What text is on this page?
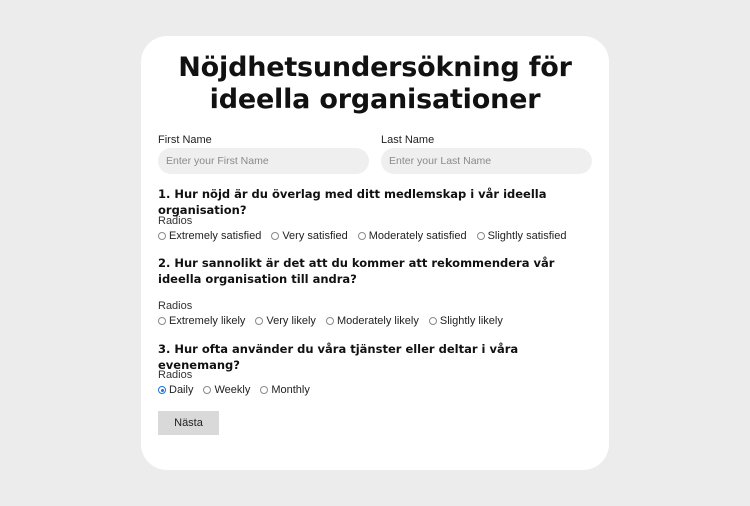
Nöjdhetsundersökning för
ideella organisationer
First Name
Enter your First Name	Last Name
Enter your Last Name
1. Hur nöjd är du överlag med ditt medlemskap i vår ideella organisation?
Radios
Extremely satisfied Very satisfied Moderately satisfied Slightly satisfied
2. Hur sannolikt är det att du kommer att rekommendera vår ideella organisation till andra?
Radios
Extremely likely Very likely Moderately likely Slightly likely
3. Hur ofta använder du våra tjänster eller deltar i våra evenemang?
Radios
Daily Weekly Monthly
Nästa
